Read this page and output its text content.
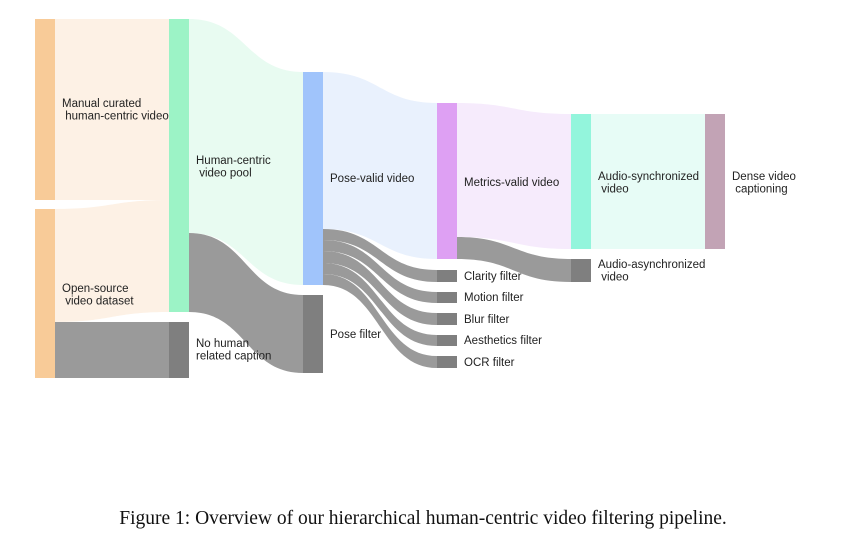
Manual curated human-centric video
Open-source video dataset
Human-centric video pool
No human related caption
Pose-valid video
Pose filter
Metrics-valid video
Clarity filter
Motion filter
Blur filter
Aesthetics filter
OCR filter
Audio-synchronized video
Audio-asynchronized video
Dense video captioning
Figure 1: Overview of our hierarchical human-centric video filtering pipeline.
